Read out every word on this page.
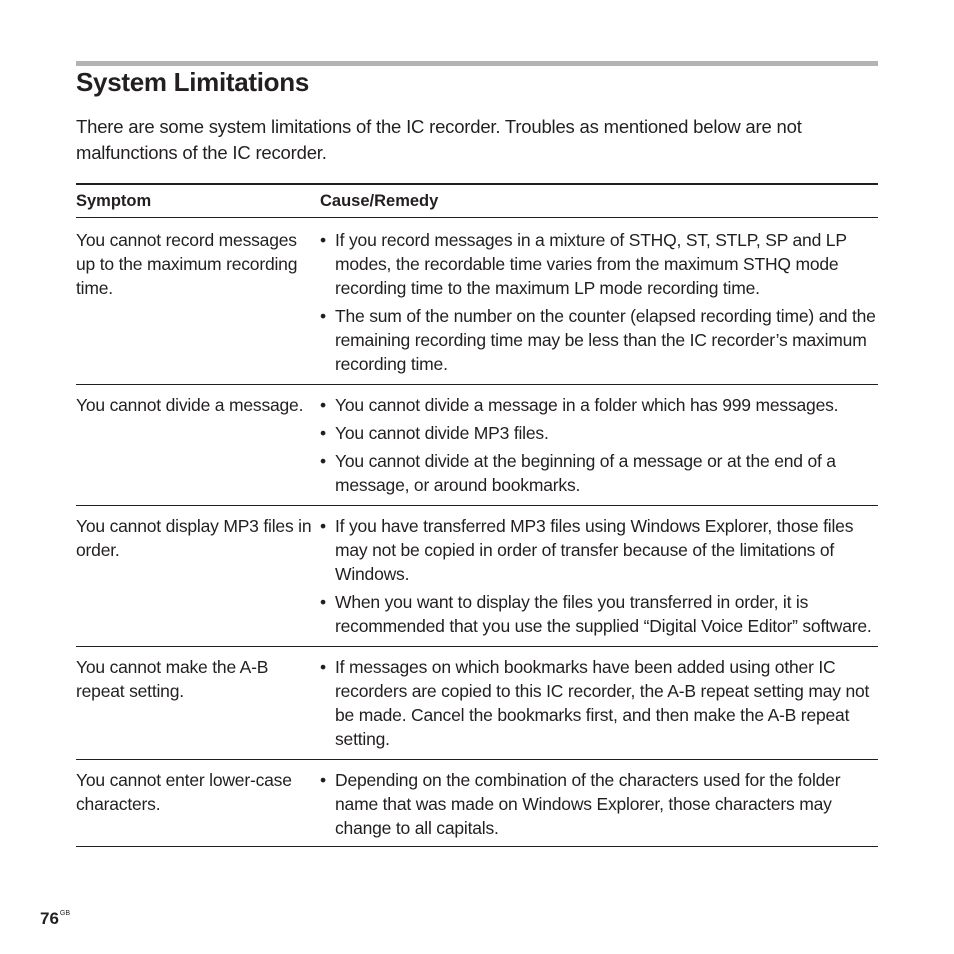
System Limitations

There are some system limitations of the IC recorder. Troubles as mentioned below are not malfunctions of the IC recorder.

Symptom	Cause/Remedy
You cannot record messages up to the maximum recording time.
• If you record messages in a mixture of STHQ, ST, STLP, SP and LP modes, the recordable time varies from the maximum STHQ mode recording time to the maximum LP mode recording time.
• The sum of the number on the counter (elapsed recording time) and the remaining recording time may be less than the IC recorder’s maximum recording time.
You cannot divide a message. • You cannot divide a message in a folder which has 999 messages.
• You cannot divide MP3 files.
• You cannot divide at the beginning of a message or at the end of a message, or around bookmarks.
You cannot display MP3 files in order.
• If you have transferred MP3 files using Windows Explorer, those files may not be copied in order of transfer because of the limitations of Windows.
• When you want to display the files you transferred in order, it is recommended that you use the supplied “Digital Voice Editor” software.
You cannot make the A-B repeat setting.
• If messages on which bookmarks have been added using other IC recorders are copied to this IC recorder, the A-B repeat setting may not be made. Cancel the bookmarks first, and then make the A-B repeat setting.
You cannot enter lower-case characters.
• Depending on the combination of the characters used for the folder name that was made on Windows Explorer, those characters may change to all capitals.
$76^{GB}$
